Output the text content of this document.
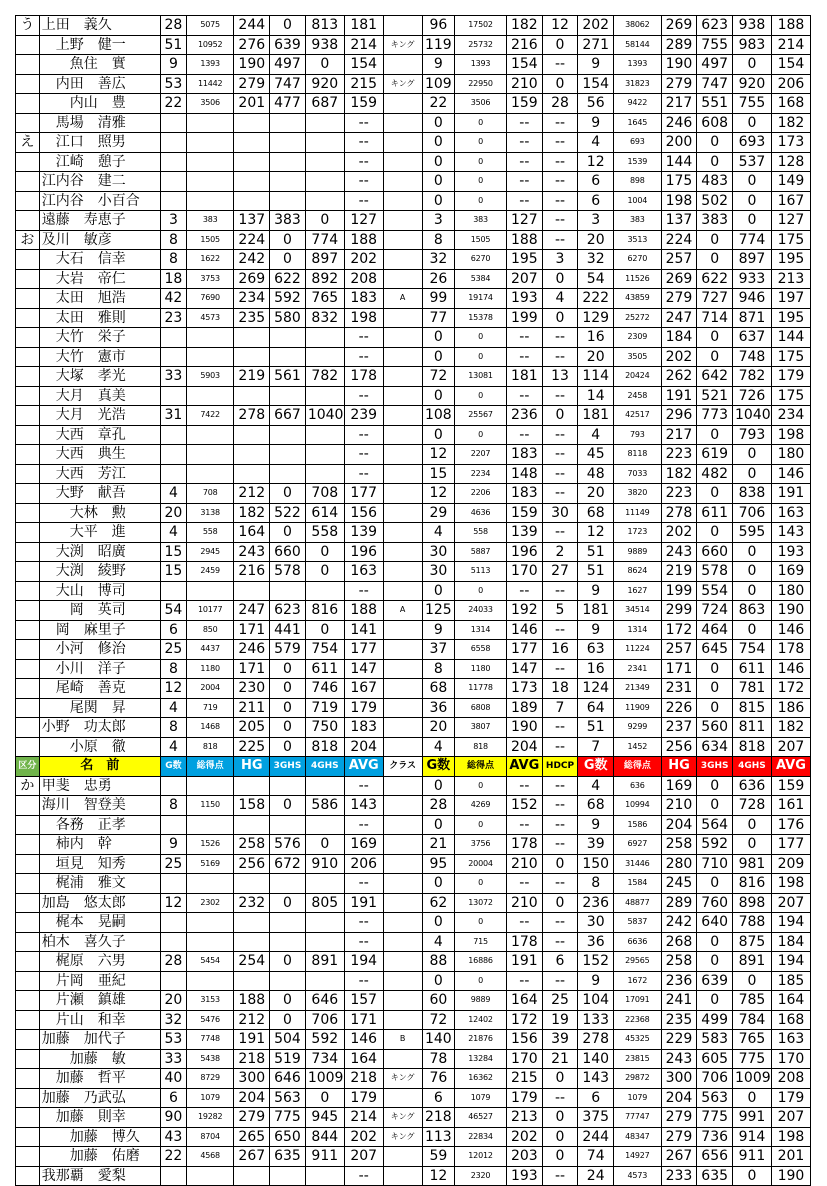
う	上田　義久	28	5075	244	0	813	181		96	17502	182	12	202	38062	269	623	938	188
	　上野　健一	51	10952	276	639	938	214	キング	119	25732	216	0	271	58144	289	755	983	214
	　　魚住　實	9	1393	190	497	0	154		9	1393	154	--	9	1393	190	497	0	154
	　内田　善広	53	11442	279	747	920	215	キング	109	22950	210	0	154	31823	279	747	920	206
	　　内山　豊	22	3506	201	477	687	159		22	3506	159	28	56	9422	217	551	755	168
	　馬場　清雅						--		0	0	--	--	9	1645	246	608	0	182
え	　江口　照男						--		0	0	--	--	4	693	200	0	693	173
	　江崎　憩子						--		0	0	--	--	12	1539	144	0	537	128
	江内谷　建二						--		0	0	--	--	6	898	175	483	0	149
	江内谷　小百合						--		0	0	--	--	6	1004	198	502	0	167
	遠藤　寿恵子	3	383	137	383	0	127		3	383	127	--	3	383	137	383	0	127
お	及川　敏彦	8	1505	224	0	774	188		8	1505	188	--	20	3513	224	0	774	175
	　大石　信幸	8	1622	242	0	897	202		32	6270	195	3	32	6270	257	0	897	195
	　大岩　帝仁	18	3753	269	622	892	208		26	5384	207	0	54	11526	269	622	933	213
	　太田　旭浩	42	7690	234	592	765	183	A	99	19174	193	4	222	43859	279	727	946	197
	　太田　雅則	23	4573	235	580	832	198		77	15378	199	0	129	25272	247	714	871	195
	　大竹　栄子						--		0	0	--	--	16	2309	184	0	637	144
	　大竹　憲市						--		0	0	--	--	20	3505	202	0	748	175
	　大塚　孝光	33	5903	219	561	782	178		72	13081	181	13	114	20424	262	642	782	179
	　大月　真美						--		0	0	--	--	14	2458	191	521	726	175
	　大月　光浩	31	7422	278	667	1040	239		108	25567	236	0	181	42517	296	773	1040	234
	　大西　章孔						--		0	0	--	--	4	793	217	0	793	198
	　大西　典生						--		12	2207	183	--	45	8118	223	619	0	180
	　大西　芳江						--		15	2234	148	--	48	7033	182	482	0	146
	　大野　献吾	4	708	212	0	708	177		12	2206	183	--	20	3820	223	0	838	191
	　　大林　勲	20	3138	182	522	614	156		29	4636	159	30	68	11149	278	611	706	163
	　　大平　進	4	558	164	0	558	139		4	558	139	--	12	1723	202	0	595	143
	　大渕　昭廣	15	2945	243	660	0	196		30	5887	196	2	51	9889	243	660	0	193
	　大渕　綾野	15	2459	216	578	0	163		30	5113	170	27	51	8624	219	578	0	169
	　大山　博司						--		0	0	--	--	9	1627	199	554	0	180
	　　岡　英司	54	10177	247	623	816	188	A	125	24033	192	5	181	34514	299	724	863	190
	　岡　麻里子	6	850	171	441	0	141		9	1314	146	--	9	1314	172	464	0	146
	　小河　修治	25	4437	246	579	754	177		37	6558	177	16	63	11224	257	645	754	178
	　小川　洋子	8	1180	171	0	611	147		8	1180	147	--	16	2341	171	0	611	146
	　尾崎　善克	12	2004	230	0	746	167		68	11778	173	18	124	21349	231	0	781	172
	　　尾関　昇	4	719	211	0	719	179		36	6808	189	7	64	11909	226	0	815	186
	小野　功太郎	8	1468	205	0	750	183		20	3807	190	--	51	9299	237	560	811	182
	　　小原　徹	4	818	225	0	818	204		4	818	204	--	7	1452	256	634	818	207
区分	名　前	G数	総得点	HG	3GHS	4GHS	AVG	クラス	G数	総得点	AVG	HDCP	G数	総得点	HG	3GHS	4GHS	AVG
か	甲斐　忠勇						--		0	0	--	--	4	636	169	0	636	159
	海川　智登美	8	1150	158	0	586	143		28	4269	152	--	68	10994	210	0	728	161
	　各務　正孝						--		0	0	--	--	9	1586	204	564	0	176
	　柿内　幹	9	1526	258	576	0	169		21	3756	178	--	39	6927	258	592	0	177
	　垣見　知秀	25	5169	256	672	910	206		95	20004	210	0	150	31446	280	710	981	209
	　梶浦　雅文						--		0	0	--	--	8	1584	245	0	816	198
	加島　悠太郎	12	2302	232	0	805	191		62	13072	210	0	236	48877	289	760	898	207
	　梶本　晃嗣						--		0	0	--	--	30	5837	242	640	788	194
	柏木　喜久子						--		4	715	178	--	36	6636	268	0	875	184
	　梶原　六男	28	5454	254	0	891	194		88	16886	191	6	152	29565	258	0	891	194
	　片岡　亜紀						--		0	0	--	--	9	1672	236	639	0	185
	　片瀬　鎮雄	20	3153	188	0	646	157		60	9889	164	25	104	17091	241	0	785	164
	　片山　和幸	32	5476	212	0	706	171		72	12402	172	19	133	22368	235	499	784	168
	加藤　加代子	53	7748	191	504	592	146	B	140	21876	156	39	278	45325	229	583	765	163
	　　加藤　敏	33	5438	218	519	734	164		78	13284	170	21	140	23815	243	605	775	170
	　加藤　哲平	40	8729	300	646	1009	218	キング	76	16362	215	0	143	29872	300	706	1009	208
	加藤　乃武弘	6	1079	204	563	0	179		6	1079	179	--	6	1079	204	563	0	179
	　加藤　則幸	90	19282	279	775	945	214	キング	218	46527	213	0	375	77747	279	775	991	207
	　　加藤　博久	43	8704	265	650	844	202	キング	113	22834	202	0	244	48347	279	736	914	198
	　　加藤　佑磨	22	4568	267	635	911	207		59	12012	203	0	74	14927	267	656	911	201
	我那覇　愛梨						--		12	2320	193	--	24	4573	233	635	0	190
